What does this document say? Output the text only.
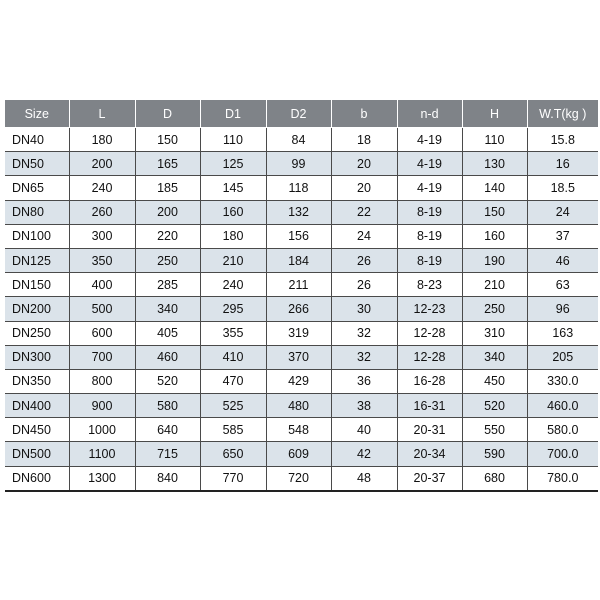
Size	L	D	D1	D2	b	n-d	H	W.T(kg )
DN40	180	150	110	84	18	4-19	110	15.8
DN50	200	165	125	99	20	4-19	130	16
DN65	240	185	145	118	20	4-19	140	18.5
DN80	260	200	160	132	22	8-19	150	24
DN100	300	220	180	156	24	8-19	160	37
DN125	350	250	210	184	26	8-19	190	46
DN150	400	285	240	211	26	8-23	210	63
DN200	500	340	295	266	30	12-23	250	96
DN250	600	405	355	319	32	12-28	310	163
DN300	700	460	410	370	32	12-28	340	205
DN350	800	520	470	429	36	16-28	450	330.0
DN400	900	580	525	480	38	16-31	520	460.0
DN450	1000	640	585	548	40	20-31	550	580.0
DN500	1100	715	650	609	42	20-34	590	700.0
DN600	1300	840	770	720	48	20-37	680	780.0
